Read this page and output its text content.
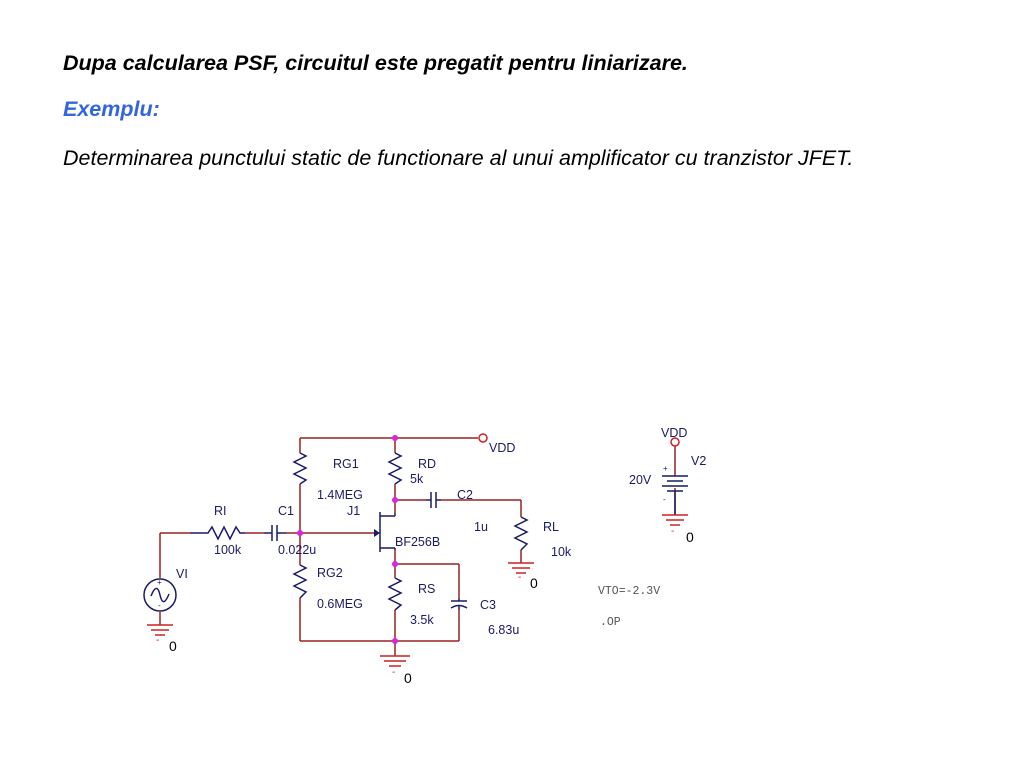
Dupa calcularea PSF, circuitul este pregatit pentru liniarizare.
Exemplu:
Determinarea punctului static de functionare al unui amplificator cu tranzistor JFET.
VDD
RG1
1.4MEG
RD
5k
J1
BF256B
C2
1u	RL
10k
- 0
RI
100k
C1
0.022u
+
-
VI
- 0
RG2
0.6MEG
RS
3.5k
C3
6.83u
- 0
VDD
+
-
V2
20V
- 0
VTO=-2.3V
.OP
